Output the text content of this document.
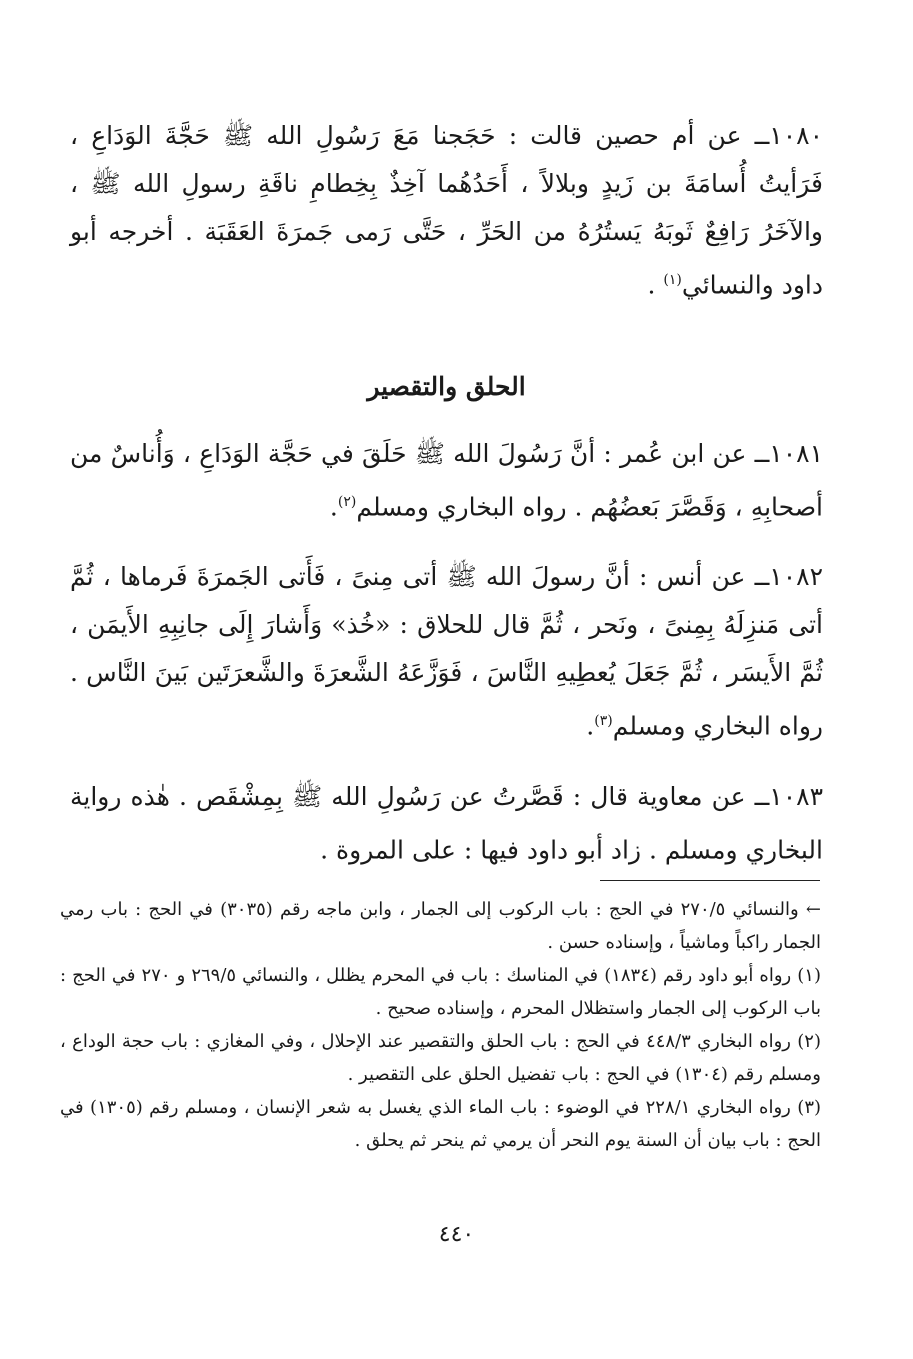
١٠٨٠ــ عن أم حصين قالت : حَجَجنا مَعَ رَسُولِ الله ﷺ حَجَّةَ الوَدَاعِ ، فَرَأيتُ أُسامَةَ بن زَيدٍ وبلالاً ، أَحَدُهُما آخِذٌ بِخِطامِ ناقَةِ رسولِ الله ﷺ ، والآخَرُ رَافِعٌ ثَوبَهُ يَستُرُهُ من الحَرِّ ، حَتَّى رَمى جَمرَةَ العَقَبَة . أخرجه أبو داود والنسائي$^{(١)}$ .

الحلق والتقصير

١٠٨١ــ عن ابن عُمر : أنَّ رَسُولَ الله ﷺ حَلَقَ في حَجَّة الوَدَاعِ ، وَأُناسٌ من أصحابِهِ ، وَقَصَّرَ بَعضُهُم . رواه البخاري ومسلم$^{(٢)}$.

١٠٨٢ــ عن أنس : أنَّ رسولَ الله ﷺ أتى مِنىً ، فَأَتى الجَمرَةَ فَرماها ، ثُمَّ أتى مَنزِلَهُ بِمِنىً ، ونَحر ، ثُمَّ قال للحلاق : «خُذ» وَأَشارَ إِلَى جانِبِهِ الأَيمَن ، ثُمَّ الأَيسَر ، ثُمَّ جَعَلَ يُعطِيهِ النَّاسَ ، فَوَزَّعَهُ الشَّعرَةَ والشَّعرَتَين بَينَ النَّاس . رواه البخاري ومسلم$^{(٣)}$.

١٠٨٣ــ عن معاوية قال : قَصَّرتُ عن رَسُولِ الله ﷺ بِمِشْقَص . هٰذه رواية البخاري ومسلم . زاد أبو داود فيها : على المروة .

← والنسائي ٢٧٠/٥ في الحج : باب الركوب إلى الجمار ، وابن ماجه رقم (٣٠٣٥) في الحج : باب رمي الجمار راكباً وماشياً ، وإسناده حسن .

(١) رواه أبو داود رقم (١٨٣٤) في المناسك : باب في المحرم يظلل ، والنسائي ٢٦٩/٥ و ٢٧٠ في الحج : باب الركوب إلى الجمار واستظلال المحرم ، وإسناده صحيح .

(٢) رواه البخاري ٤٤٨/٣ في الحج : باب الحلق والتقصير عند الإحلال ، وفي المغازي : باب حجة الوداع ، ومسلم رقم (١٣٠٤) في الحج : باب تفضيل الحلق على التقصير .

(٣) رواه البخاري ٢٢٨/١ في الوضوء : باب الماء الذي يغسل به شعر الإنسان ، ومسلم رقم (١٣٠٥) في الحج : باب بيان أن السنة يوم النحر أن يرمي ثم ينحر ثم يحلق .

٤٤٠
